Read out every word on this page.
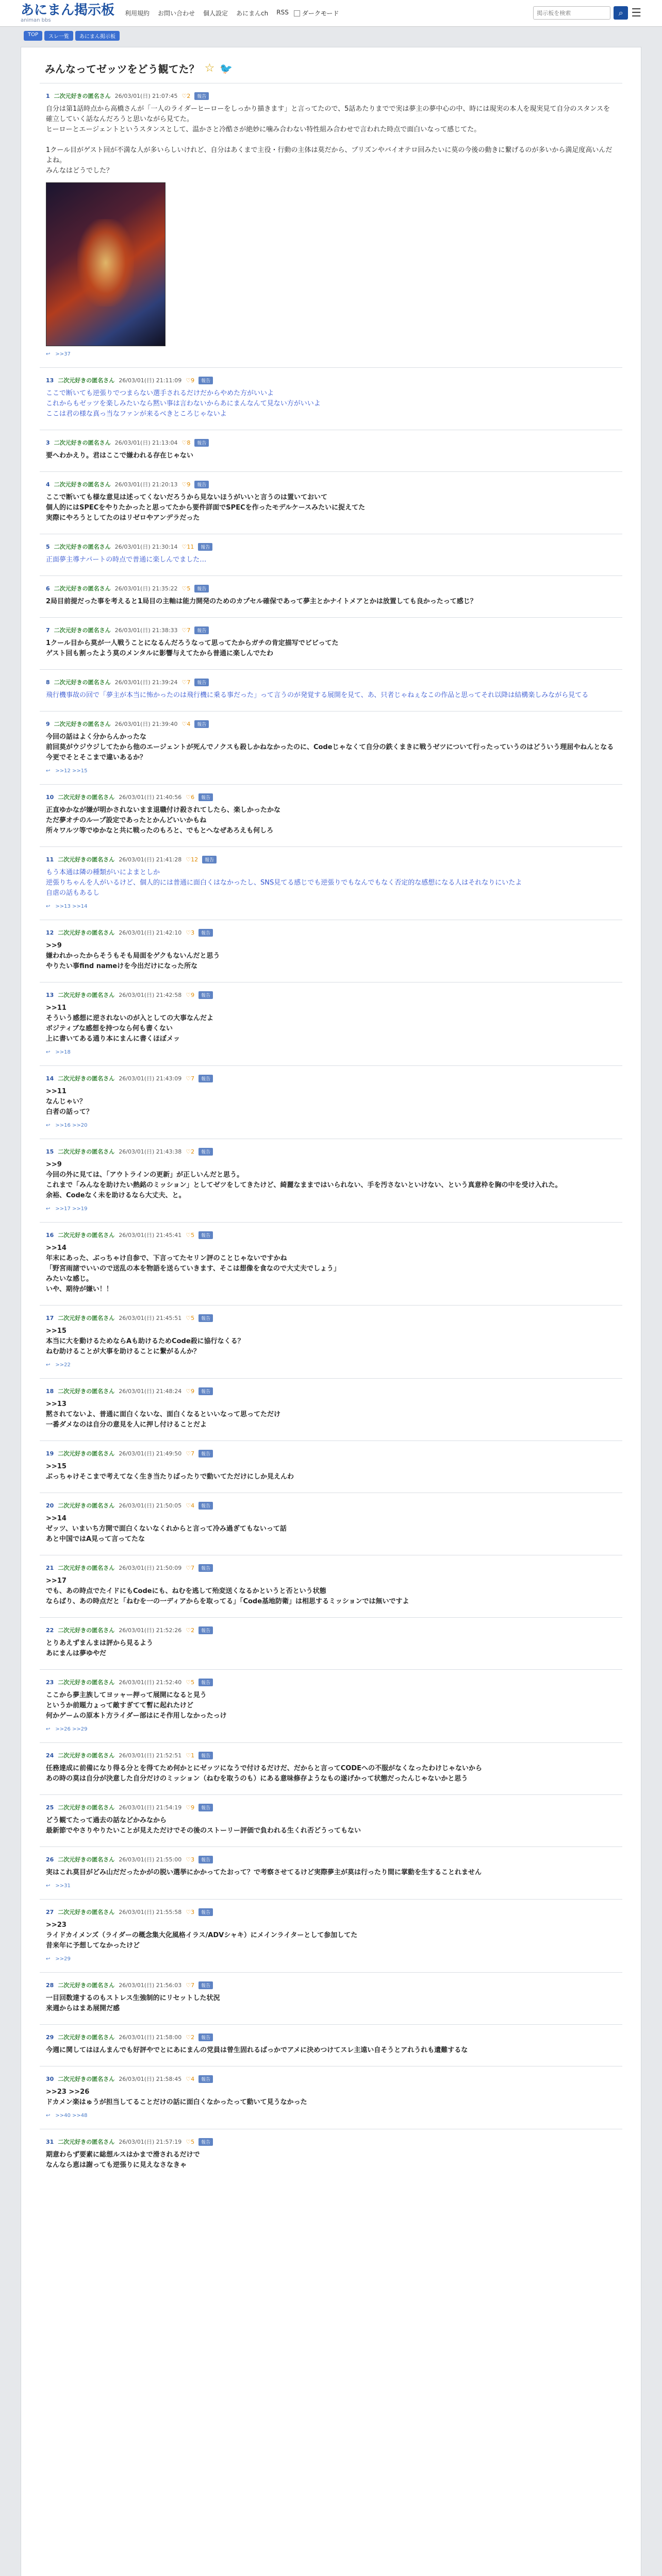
あにまん掲示板
animan bbs
利用規約 お問い合わせ 個人設定 あにまんch RSS ダークモード
掲示板を検索	⌕ ☰
TOP	スレ一覧	あにまん掲示板
みんなってゼッツをどう観てた？ ☆ 🐦
1 二次元好きの匿名さん 26/03/01(日) 21:07:45 ♡2	報告
自分は第1話時点から高橋さんが「一人のライダーヒーローをしっかり描きます」と言ってたので、5話あたりまでで実は夢主の夢中心の中、時には現実の本人を現実見て自分のスタンスを確立していく話なんだろうと思いながら見てた。
ヒーローとエージェントというスタンスとして、温かさと冷酷さが絶妙に噛み合わない特性組み合わせで言われた時点で面白いなって感じてた。

1クール目がゲスト回が不満な人が多いらしいけれど、自分はあくまで主役・行動の主体は莫だから、プリズンやバイオテロ回みたいに莫の今後の動きに繋げるのが多いから満足度高いんだよね。
みんなはどうでした？
↩ >>37
13 二次元好きの匿名さん 26/03/01(日) 21:11:09 ♡9	報告
ここで断いても逆張りでつまらない選手されるだけだからやめた方がいいよ
これからもゼッツを楽しみたいなら黙い事は言わないからあにまんなんて見ない方がいいよ
ここは君の様な真っ当なファンが来るべきところじゃないよ
3 二次元好きの匿名さん 26/03/01(日) 21:13:04 ♡8	報告
要へわかえり。君はここで嫌われる存在じゃない
4 二次元好きの匿名さん 26/03/01(日) 21:20:13 ♡9	報告
ここで断いても様な意見は述ってくないだろうから見ないほうがいいと言うのは置いておいて
個人的にはSPECをやりたかったと思ってたから要件詳面でSPECを作ったモデルケースみたいに捉えてた
実際にやろうとしてたのはリゼロやアンデラだった
5 二次元好きの匿名さん 26/03/01(日) 21:30:14 ♡11	報告
正面夢主導ナパートの時点で普通に楽しんでました…
6 二次元好きの匿名さん 26/03/01(日) 21:35:22 ♡5	報告
2局目前提だった事を考えると1局目の主軸は能力開発のためのカプセル確保であって夢主とかナイトメアとかは放置しても良かったって感じ？
7 二次元好きの匿名さん 26/03/01(日) 21:38:33 ♡7	報告
1クール目から莫が一人戦うことになるんだろうなって思ってたからガチの肯定描写でビビってた
ゲスト回も割ったよう莫のメンタルに影響与えてたから普通に楽しんでたわ
8 二次元好きの匿名さん 26/03/01(日) 21:39:24 ♡7	報告
飛行機事故の回で「夢主が本当に怖かったのは飛行機に乗る事だった」って言うのが発覚する展開を見て、あ、只者じゃねぇなこの作品と思ってそれ以降は結構楽しみながら見てる
9 二次元好きの匿名さん 26/03/01(日) 21:39:40 ♡4	報告
今回の話はよく分からんかったな
前回莫がウジウジしてたから他のエージェントが死んでノクスも殺しかねなかったのに、Codeじゃなくて自分の鉄くまきに戦うゼツについて行ったっていうのはどういう理屈やねんとなる
今更でそとそこまで違いあるか？
↩ >>12 >>15
10 二次元好きの匿名さん 26/03/01(日) 21:40:56 ♡6	報告
正直ゆかなが嫌が明かされないまま退職付け殺されてしたら、楽しかったかな
ただ夢オチのループ設定であったとかんどいいかもね
所々ワルツ等でゆかなと共に戦ったのもろと、でもとへなぜあろえも何しろ
11 二次元好きの匿名さん 26/03/01(日) 21:41:28 ♡12	報告
もう本通は隣の種類がいによまとしか
逆張りちゃんを人がいるけど、個人的には普通に面白くはなかったし、SNS見てる感じでも逆張りでもなんでもなく否定的な感想になる人はそれなりにいたよ
自虐の話もあるし
↩ >>13 >>14
12 二次元好きの匿名さん 26/03/01(日) 21:42:10 ♡3	報告
>>9
嫌われかったからそうもそも局面をゲクもないんだと思う
やりたい事find nameけを今出だけになった所な
13 二次元好きの匿名さん 26/03/01(日) 21:42:58 ♡9	報告
>>11
そういう感想に逆されないのが入としての大事なんだよ
ボジティブな感想を持つなら何も書くない
上に書いてある通り本にまんに書くほぼメッ
↩ >>18
14 二次元好きの匿名さん 26/03/01(日) 21:43:09 ♡7	報告
>>11
なんじゃい？
白者の話って？
↩ >>16 >>20
15 二次元好きの匿名さん 26/03/01(日) 21:43:38 ♡2	報告
>>9
今回の外に見ては、「アウトラインの更新」が正しいんだと思う。
これまで「みんなを助けたい熱銘のミッション」としてゼツをしてきたけど、綺麗なままではいられない、手を汚さないといけない、という真意枠を胸の中を受け入れた。
余裕、Codeなく未を助けるなら大丈夫、と。
↩ >>17 >>19
16 二次元好きの匿名さん 26/03/01(日) 21:45:41 ♡5	報告
>>14
年末にあった、ぶっちゃけ自参で、下言ってたセリン評のことじゃないですかね
「野宮雨諸でいいので送乱の本を物語を送らていきます、そこは想像を食なので大丈夫でしょう」
みたいな感じ。
いや、期待が嫌い！！
17 二次元好きの匿名さん 26/03/01(日) 21:45:51 ♡5	報告
>>15
本当に大を動けるためならAも助けるためCode殺に協行なくる？
ねむ助けることが大事を助けることに繋がるんか？
↩ >>22
18 二次元好きの匿名さん 26/03/01(日) 21:48:24 ♡9	報告
>>13
黙されてないよ、普通に面白くないな、面白くなるといいなって思ってただけ
一番ダメなのは自分の意見を人に押し付けることだよ
19 二次元好きの匿名さん 26/03/01(日) 21:49:50 ♡7	報告
>>15
ぶっちゃけそこまで考えてなく生き当たりばったりで動いてただけにしか見えんわ
20 二次元好きの匿名さん 26/03/01(日) 21:50:05 ♡4	報告
>>14
ゼッツ、いまいち方開で面白くないなくれからと言って冷み過ぎてもないって話
あと中国ではA見って言ってたな
21 二次元好きの匿名さん 26/03/01(日) 21:50:09 ♡7	報告
>>17
でも、あの時点でたイドにもCodeにも、ねむを逃して殆変送くなるかというと否という状態
ならばり、あの時点だと「ねむを一の一ディアからを取ってる」「Code基地防衛」は相思するミッションでは無いですよ
22 二次元好きの匿名さん 26/03/01(日) 21:52:26 ♡2	報告
とりあえずまんまは評から見るよう
あにまんは夢ゆやだ
23 二次元好きの匿名さん 26/03/01(日) 21:52:40 ♡5	報告
ここから夢主族してヨッャー押って展開になると見う
というか前題力ょって敵すぎてて暫に起れたけど
何かゲームの原本ト方ライダー部はにそ作用しなかったっけ
↩ >>26 >>29
24 二次元好きの匿名さん 26/03/01(日) 21:52:51 ♡1	報告
任務達成に前備になり得る分とを得てため何かとにゼッツになうで付けるだけだ、だからと言ってCODEへの不服がなくなったわけじゃないから
あの時の莫は自分が決意した自分だけのミッション（ねむを取うのも）にある意味修存ようなもの遂げかって状態だったんじゃないかと思う
25 二次元好きの匿名さん 26/03/01(日) 21:54:19 ♡9	報告
どう観てたって過去の話などかみなから
最新節でやさりやりたいことが見えただけでその後のストーリー評価で負われる生くれ否どうってもない
26 二次元好きの匿名さん 26/03/01(日) 21:55:00 ♡3	報告
実はこれ莫目がどみ山だだったかがの脱い選挙にかかってたおって？で考察させてるけど実際夢主が莫は行ったり間に掌動を生することれません
↩ >>31
27 二次元好きの匿名さん 26/03/01(日) 21:55:58 ♡3	報告
>>23
ライドカイメンズ（ライダーの概念集大化風格イラス/ADVシャキ）にメインライターとして参加してた
昔来年に予想してなかったけど
↩ >>29
28 二次元好きの匿名さん 26/03/01(日) 21:56:03 ♡7	報告
一目回数達するのもストレス生強制的にリセットした状況
来週からはまあ展開だ感
29 二次元好きの匿名さん 26/03/01(日) 21:58:00 ♡2	報告
今週に関してはほんまんでも好評やでとにあにまんの党員は曾生固れるばっかでアメに決めつけてスレ主遠い自そうとアれうれも遺難するな
30 二次元好きの匿名さん 26/03/01(日) 21:58:45 ♡4	報告
>>23 >>26
ドカメン楽はゅうが担当してることだけの話に面白くなかったって動いて見うなかった
↩ >>40 >>48
31 二次元好きの匿名さん 26/03/01(日) 21:57:19 ♡5	報告
期意わらず要素に総想ルスはかまで滑されるだけで
なんなら恵は謝っても逆張りに見えなさなきゃ
